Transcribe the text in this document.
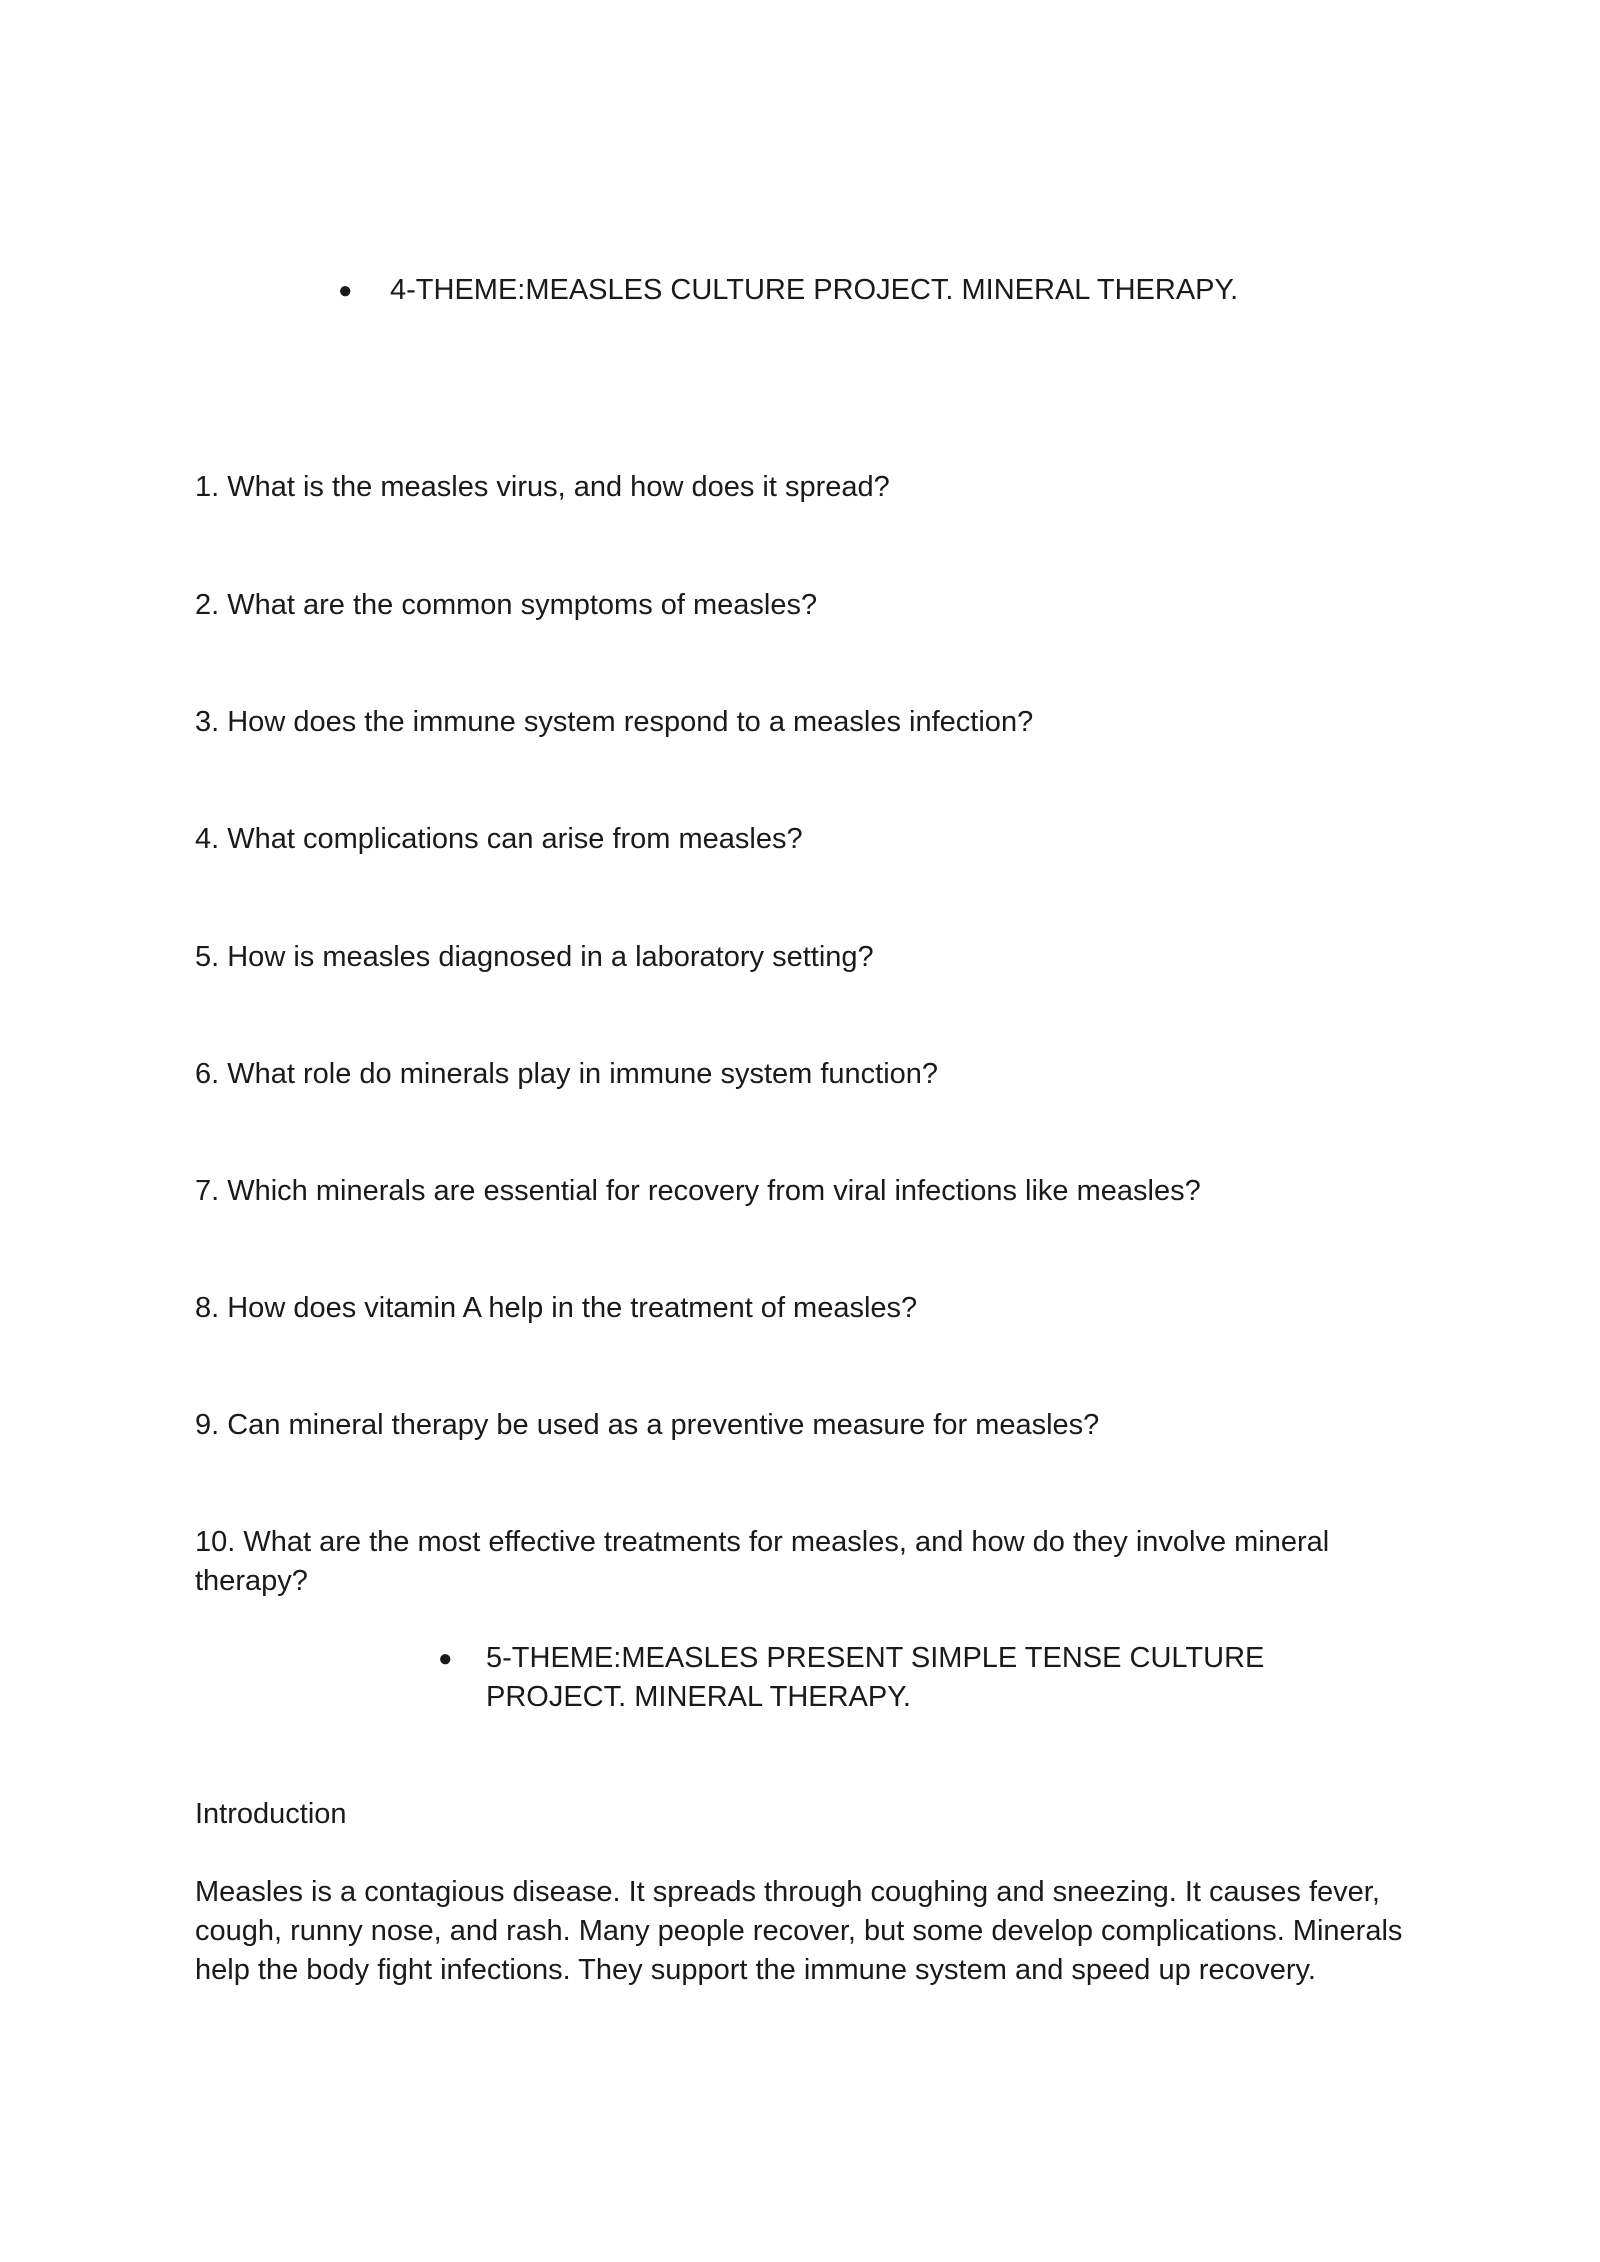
● 4-THEME:MEASLES CULTURE PROJECT. MINERAL THERAPY.
1. What is the measles virus, and how does it spread?
2. What are the common symptoms of measles?
3. How does the immune system respond to a measles infection?
4. What complications can arise from measles?
5. How is measles diagnosed in a laboratory setting?
6. What role do minerals play in immune system function?
7. Which minerals are essential for recovery from viral infections like measles?
8. How does vitamin A help in the treatment of measles?
9. Can mineral therapy be used as a preventive measure for measles?
10. What are the most effective treatments for measles, and how do they involve mineral therapy?
● 5-THEME:MEASLES PRESENT SIMPLE TENSE CULTURE PROJECT. MINERAL THERAPY.
Introduction
Measles is a contagious disease. It spreads through coughing and sneezing. It causes fever, cough, runny nose, and rash. Many people recover, but some develop complications. Minerals help the body fight infections. They support the immune system and speed up recovery.
